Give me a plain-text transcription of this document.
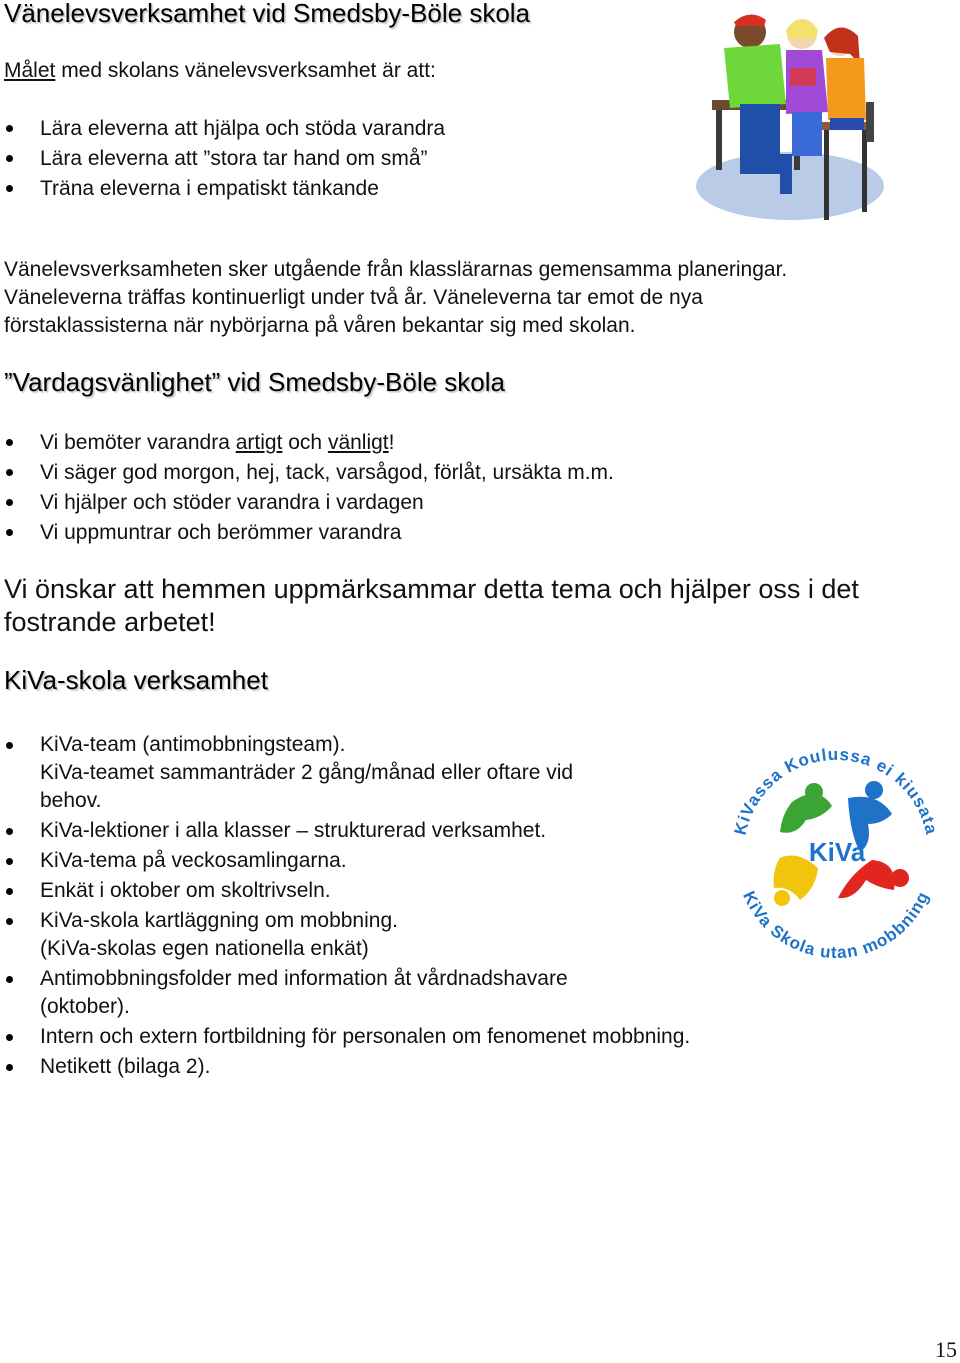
Vänelevsverksamhet vid Smedsby-Böle skola
Målet med skolans vänelevsverksamhet är att:
Lära eleverna att hjälpa och stöda varandra
Lära eleverna att ”stora tar hand om små”
Träna eleverna i empatiskt tänkande
Vänelevsverksamheten sker utgående från klasslärarnas gemensamma planeringar.
Väneleverna träffas kontinuerligt under två år. Väneleverna tar emot de nya
förstaklassisterna när nybörjarna på våren bekantar sig med skolan.
”Vardagsvänlighet” vid Smedsby-Böle skola
Vi bemöter varandra artigt och vänligt!
Vi säger god morgon, hej, tack, varsågod, förlåt, ursäkta m.m.
Vi hjälper och stöder varandra i vardagen
Vi uppmuntrar och berömmer varandra
Vi önskar att hemmen uppmärksammar detta tema och hjälper oss i det
fostrande arbetet!
KiVa-skola verksamhet
KiVa-team (antimobbningsteam).
KiVa-teamet sammanträder 2 gång/månad eller oftare vid
behov.
KiVa-lektioner i alla klasser – strukturerad verksamhet.
KiVa-tema på veckosamlingarna.
Enkät i oktober om skoltrivseln.
KiVa-skola kartläggning om mobbning.
(KiVa-skolas egen nationella enkät)
Antimobbningsfolder med information åt vårdnadshavare
(oktober).
Intern och extern fortbildning för personalen om fenomenet mobbning.
Netikett (bilaga 2).
KiVassa Koulussa ei kiusata
KiVa Skola utan mobbning
KiVa
15
